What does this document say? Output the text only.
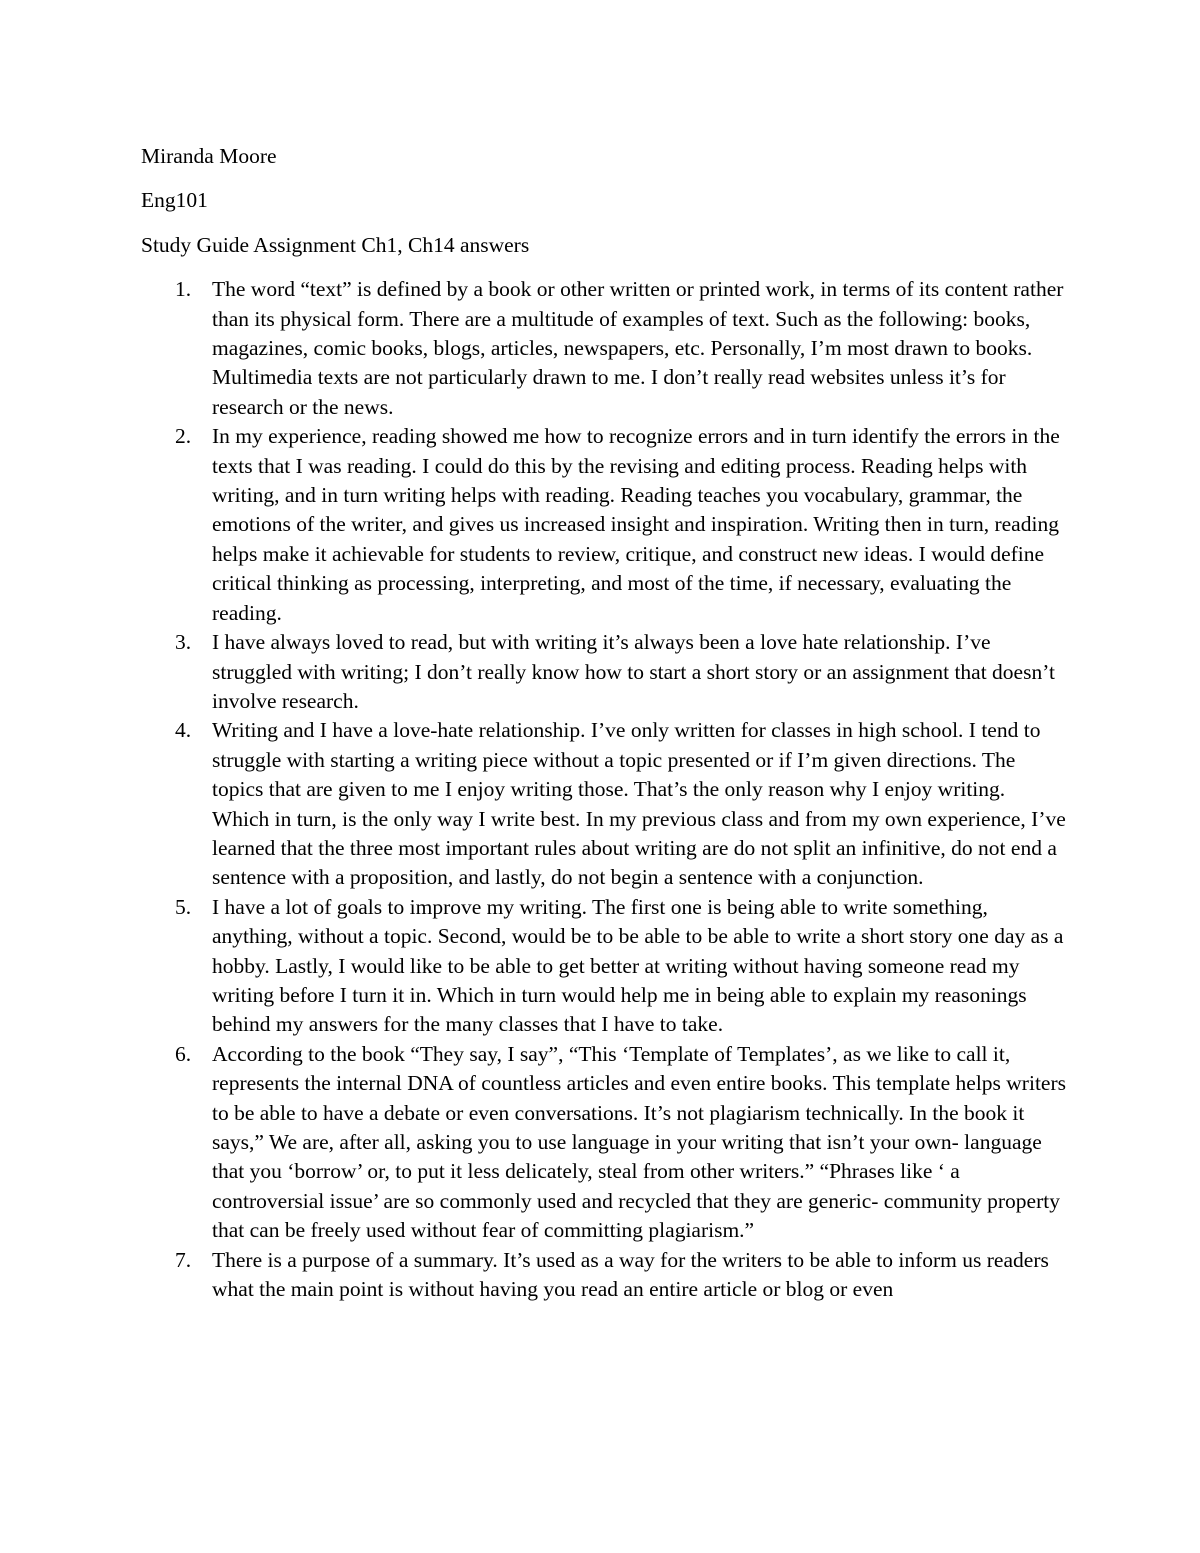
Miranda Moore

Eng101

Study Guide Assignment Ch1, Ch14 answers

1. The word “text” is defined by a book or other written or printed work, in terms of its content rather than its physical form. There are a multitude of examples of text. Such as the following: books, magazines, comic books, blogs, articles, newspapers, etc. Personally, I’m most drawn to books. Multimedia texts are not particularly drawn to me. I don’t really read websites unless it’s for research or the news.
2. In my experience, reading showed me how to recognize errors and in turn identify the errors in the texts that I was reading. I could do this by the revising and editing process. Reading helps with writing, and in turn writing helps with reading. Reading teaches you vocabulary, grammar, the emotions of the writer, and gives us increased insight and inspiration. Writing then in turn, reading helps make it achievable for students to review, critique, and construct new ideas. I would define critical thinking as processing, interpreting, and most of the time, if necessary, evaluating the reading.
3. I have always loved to read, but with writing it’s always been a love hate relationship. I’ve struggled with writing; I don’t really know how to start a short story or an assignment that doesn’t involve research.
4. Writing and I have a love-hate relationship. I’ve only written for classes in high school. I tend to struggle with starting a writing piece without a topic presented or if I’m given directions. The topics that are given to me I enjoy writing those. That’s the only reason why I enjoy writing. Which in turn, is the only way I write best. In my previous class and from my own experience, I’ve learned that the three most important rules about writing are do not split an infinitive, do not end a sentence with a proposition, and lastly, do not begin a sentence with a conjunction.
5. I have a lot of goals to improve my writing. The first one is being able to write something, anything, without a topic. Second, would be to be able to be able to write a short story one day as a hobby. Lastly, I would like to be able to get better at writing without having someone read my writing before I turn it in. Which in turn would help me in being able to explain my reasonings behind my answers for the many classes that I have to take.
6. According to the book “They say, I say”, “This ‘Template of Templates’, as we like to call it, represents the internal DNA of countless articles and even entire books. This template helps writers to be able to have a debate or even conversations. It’s not plagiarism technically. In the book it says,” We are, after all, asking you to use language in your writing that isn’t your own- language that you ‘borrow’ or, to put it less delicately, steal from other writers.” “Phrases like ‘ a controversial issue’ are so commonly used and recycled that they are generic- community property that can be freely used without fear of committing plagiarism.”
7. There is a purpose of a summary. It’s used as a way for the writers to be able to inform us readers what the main point is without having you read an entire article or blog or even
